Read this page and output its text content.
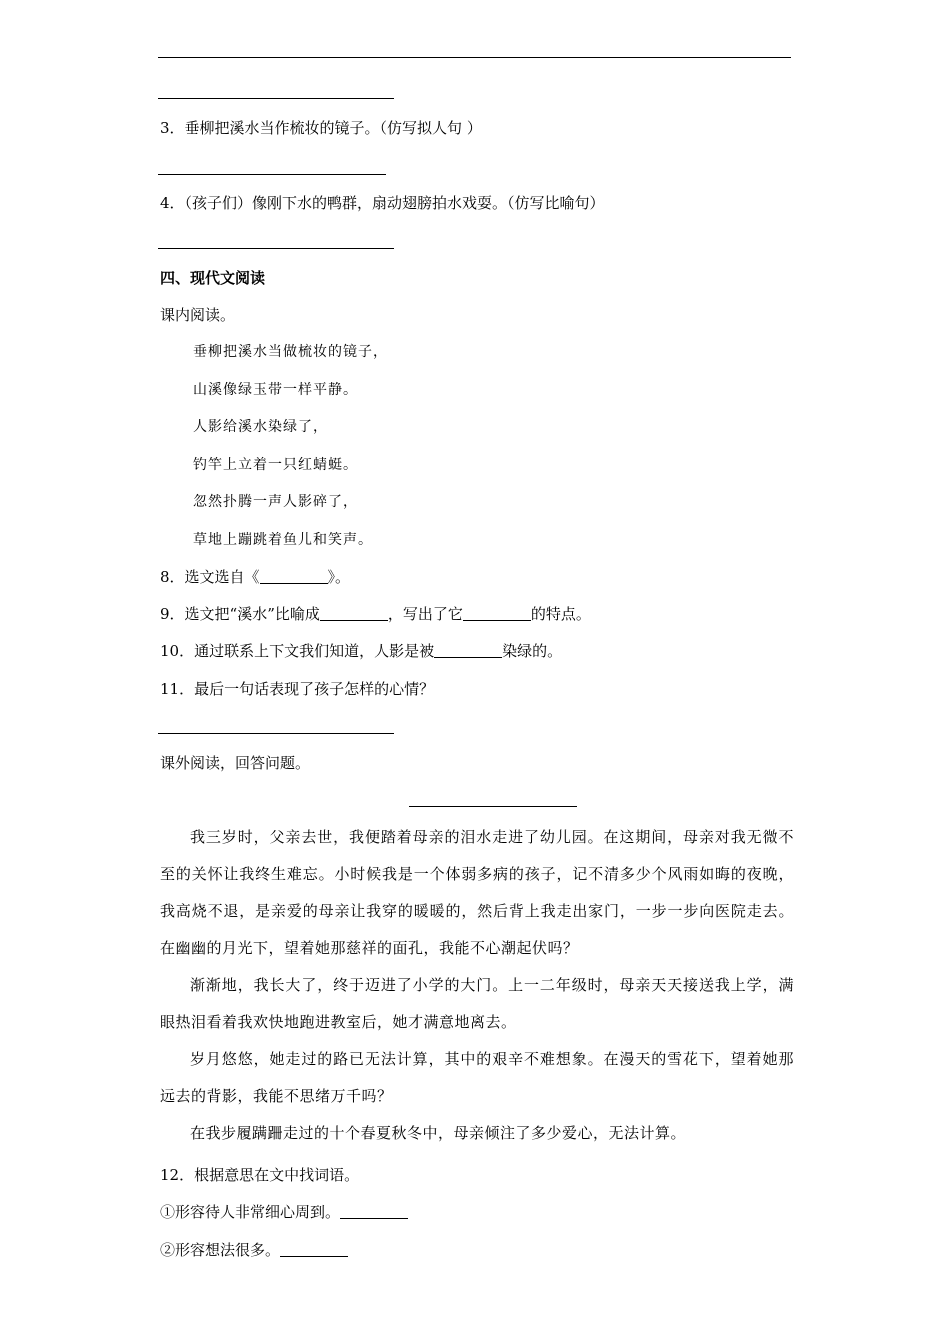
3．垂柳把溪水当作梳妆的镜子。（仿写拟人句 ）
4．（孩子们）像刚下水的鸭群，扇动翅膀拍水戏耍。（仿写比喻句）
四、现代文阅读
课内阅读。
垂柳把溪水当做梳妆的镜子，
山溪像绿玉带一样平静。
人影给溪水染绿了，
钓竿上立着一只红蜻蜓。
忽然扑腾一声人影碎了，
草地上蹦跳着鱼儿和笑声。
8．选文选自《	》。
9．选文把“溪水”比喻成	，写出了它	的特点。
10．通过联系上下文我们知道，人影是被	染绿的。
11．最后一句话表现了孩子怎样的心情？
课外阅读，回答问题。

我三岁时，父亲去世，我便踏着母亲的泪水走进了幼儿园。在这期间，母亲对我无微不至的关怀让我终生难忘。小时候我是一个体弱多病的孩子，记不清多少个风雨如晦的夜晚，我高烧不退，是亲爱的母亲让我穿的暖暖的，然后背上我走出家门，一步一步向医院走去。在幽幽的月光下，望着她那慈祥的面孔，我能不心潮起伏吗？

渐渐地，我长大了，终于迈进了小学的大门。上一二年级时，母亲天天接送我上学，满眼热泪看着我欢快地跑进教室后，她才满意地离去。

岁月悠悠，她走过的路已无法计算，其中的艰辛不难想象。在漫天的雪花下，望着她那远去的背影，我能不思绪万千吗？

在我步履蹒跚走过的十个春夏秋冬中，母亲倾注了多少爱心，无法计算。

12．根据意思在文中找词语。
①形容待人非常细心周到。
②形容想法很多。
